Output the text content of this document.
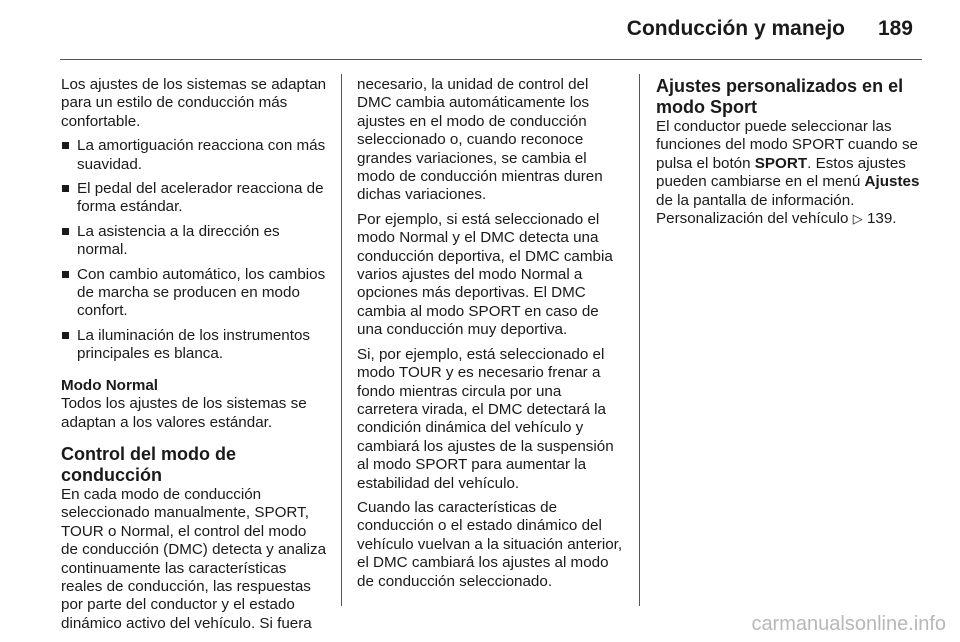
Conducción y manejo 189

Los ajustes de los sistemas se adaptan para un estilo de conducción más confortable.

La amortiguación reacciona con más suavidad.
El pedal del acelerador reacciona de forma estándar.
La asistencia a la dirección es normal.
Con cambio automático, los cambios de marcha se producen en modo confort.
La iluminación de los instrumentos principales es blanca.
Modo Normal

Todos los ajustes de los sistemas se adaptan a los valores estándar.

Control del modo de conducción

En cada modo de conducción seleccionado manualmente, SPORT, TOUR o Normal, el control del modo de conducción (DMC) detecta y analiza continuamente las características reales de conducción, las respuestas por parte del conductor y el estado dinámico activo del vehículo. Si fuera

necesario, la unidad de control del DMC cambia automáticamente los ajustes en el modo de conducción seleccionado o, cuando reconoce grandes variaciones, se cambia el modo de conducción mientras duren dichas variaciones.

Por ejemplo, si está seleccionado el modo Normal y el DMC detecta una conducción deportiva, el DMC cambia varios ajustes del modo Normal a opciones más deportivas. El DMC cambia al modo SPORT en caso de una conducción muy deportiva.

Si, por ejemplo, está seleccionado el modo TOUR y es necesario frenar a fondo mientras circula por una carretera virada, el DMC detectará la condición dinámica del vehículo y cambiará los ajustes de la suspensión al modo SPORT para aumentar la estabilidad del vehículo.

Cuando las características de conducción o el estado dinámico del vehículo vuelvan a la situación anterior, el DMC cambiará los ajustes al modo de conducción seleccionado.

Ajustes personalizados en el modo Sport

El conductor puede seleccionar las funciones del modo SPORT cuando se pulsa el botón SPORT. Estos ajustes pueden cambiarse en el menú Ajustes de la pantalla de información. Personalización del vehículo ▷ 139.

carmanualsonline.info
